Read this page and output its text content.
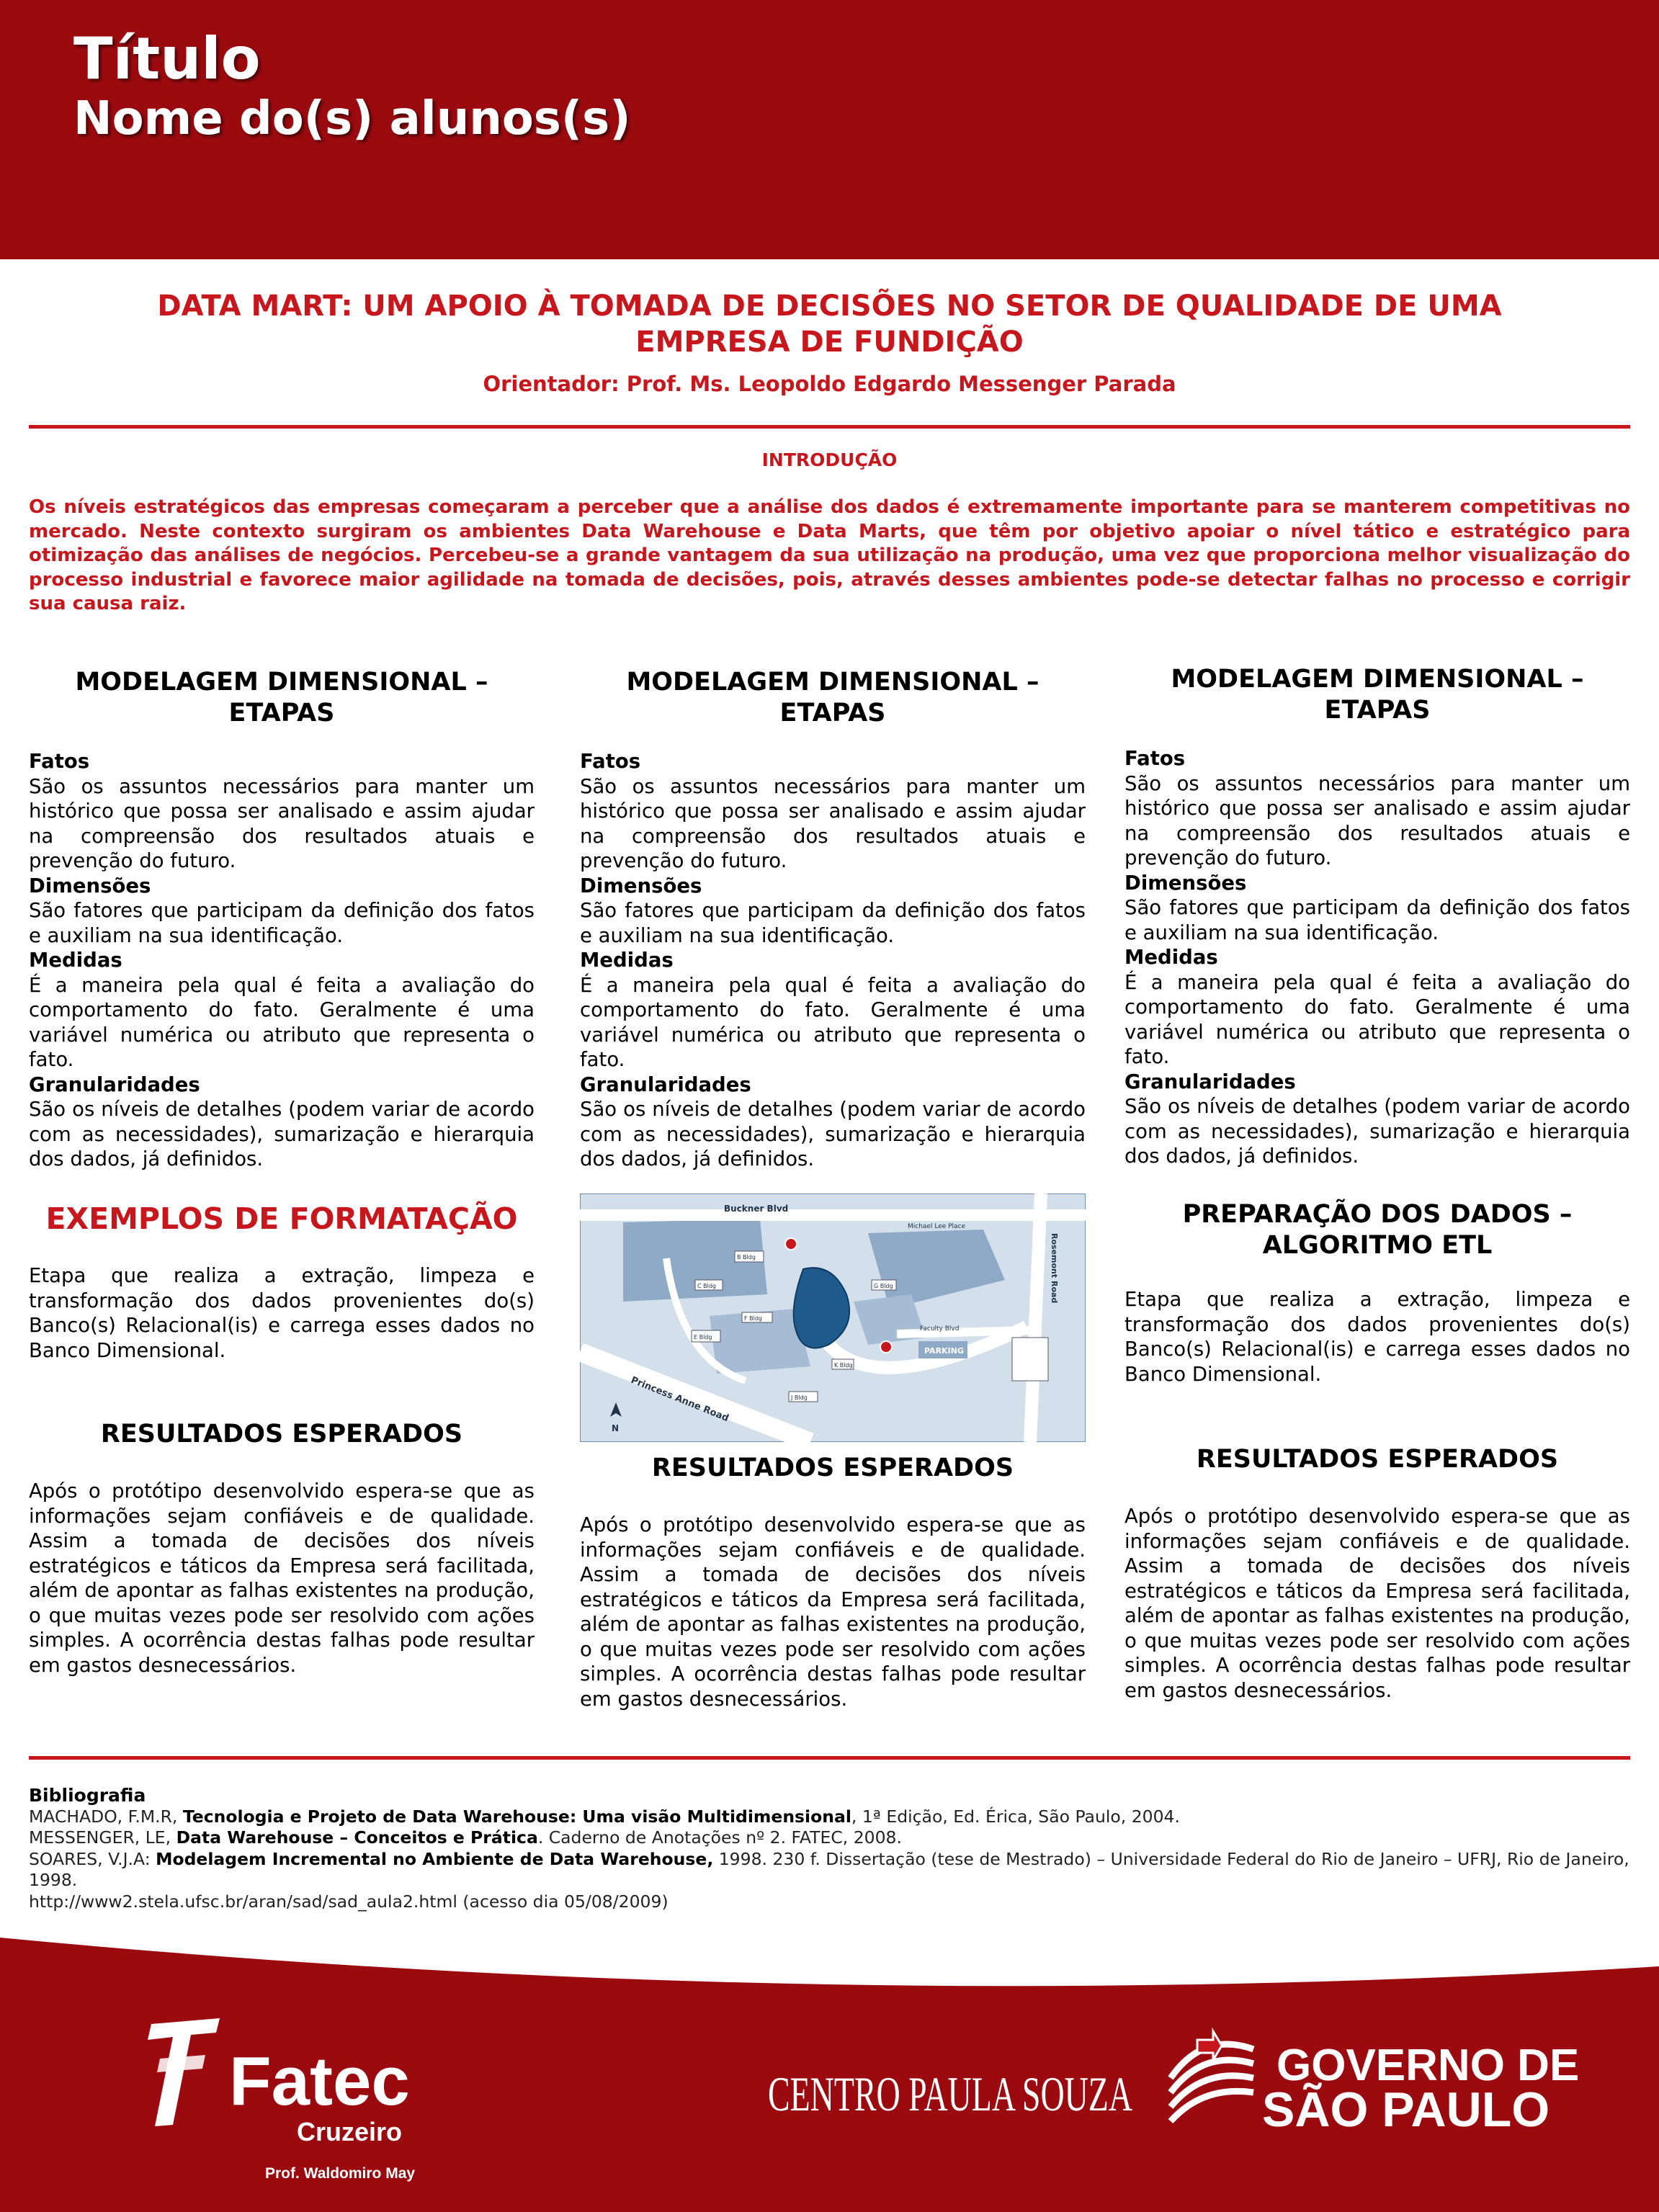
Título
Nome do(s) alunos(s)
DATA MART: UM APOIO À TOMADA DE DECISÕES NO SETOR DE QUALIDADE DE UMA EMPRESA DE FUNDIÇÃO
Orientador: Prof. Ms. Leopoldo Edgardo Messenger Parada
INTRODUÇÃO
Os níveis estratégicos das empresas começaram a perceber que a análise dos dados é extremamente importante para se manterem competitivas no mercado. Neste contexto surgiram os ambientes Data Warehouse e Data Marts, que têm por objetivo apoiar o nível tático e estratégico para otimização das análises de negócios. Percebeu-se a grande vantagem da sua utilização na produção, uma vez que proporciona melhor visualização do processo industrial e favorece maior agilidade na tomada de decisões, pois, através desses ambientes pode-se detectar falhas no processo e corrigir sua causa raiz.
MODELAGEM DIMENSIONAL – ETAPAS
Fatos
São os assuntos necessários para manter um histórico que possa ser analisado e assim ajudar na compreensão dos resultados atuais e prevenção do futuro.
Dimensões
São fatores que participam da definição dos fatos e auxiliam na sua identificação.
Medidas
É a maneira pela qual é feita a avaliação do comportamento do fato. Geralmente é uma variável numérica ou atributo que representa o fato.
Granularidades
São os níveis de detalhes (podem variar de acordo com as necessidades), sumarização e hierarquia dos dados, já definidos.
EXEMPLOS DE FORMATAÇÃO
Etapa que realiza a extração, limpeza e transformação dos dados provenientes do(s) Banco(s) Relacional(is) e carrega esses dados no Banco Dimensional.
RESULTADOS ESPERADOS
Após o protótipo desenvolvido espera-se que as informações sejam confiáveis e de qualidade. Assim a tomada de decisões dos níveis estratégicos e táticos da Empresa será facilitada, além de apontar as falhas existentes na produção, o que muitas vezes pode ser resolvido com ações simples. A ocorrência destas falhas pode resultar em gastos desnecessários.
MODELAGEM DIMENSIONAL – ETAPAS
Fatos
São os assuntos necessários para manter um histórico que possa ser analisado e assim ajudar na compreensão dos resultados atuais e prevenção do futuro.
Dimensões
São fatores que participam da definição dos fatos e auxiliam na sua identificação.
Medidas
É a maneira pela qual é feita a avaliação do comportamento do fato. Geralmente é uma variável numérica ou atributo que representa o fato.
Granularidades
São os níveis de detalhes (podem variar de acordo com as necessidades), sumarização e hierarquia dos dados, já definidos.
Buckner Blvd
Rosemont Road
Princess Anne Road
Faculty Blvd
Michael Lee Place
PARKING
B Bldg
C Bldg
E Bldg
F Bldg
G Bldg
K Bldg
J Bldg
N
RESULTADOS ESPERADOS
Após o protótipo desenvolvido espera-se que as informações sejam confiáveis e de qualidade. Assim a tomada de decisões dos níveis estratégicos e táticos da Empresa será facilitada, além de apontar as falhas existentes na produção, o que muitas vezes pode ser resolvido com ações simples. A ocorrência destas falhas pode resultar em gastos desnecessários.
MODELAGEM DIMENSIONAL – ETAPAS
Fatos
São os assuntos necessários para manter um histórico que possa ser analisado e assim ajudar na compreensão dos resultados atuais e prevenção do futuro.
Dimensões
São fatores que participam da definição dos fatos e auxiliam na sua identificação.
Medidas
É a maneira pela qual é feita a avaliação do comportamento do fato. Geralmente é uma variável numérica ou atributo que representa o fato.
Granularidades
São os níveis de detalhes (podem variar de acordo com as necessidades), sumarização e hierarquia dos dados, já definidos.
PREPARAÇÃO DOS DADOS – ALGORITMO ETL
Etapa que realiza a extração, limpeza e transformação dos dados provenientes do(s) Banco(s) Relacional(is) e carrega esses dados no Banco Dimensional.
RESULTADOS ESPERADOS
Após o protótipo desenvolvido espera-se que as informações sejam confiáveis e de qualidade. Assim a tomada de decisões dos níveis estratégicos e táticos da Empresa será facilitada, além de apontar as falhas existentes na produção, o que muitas vezes pode ser resolvido com ações simples. A ocorrência destas falhas pode resultar em gastos desnecessários.
Bibliografia
MACHADO, F.M.R, Tecnologia e Projeto de Data Warehouse: Uma visão Multidimensional, 1ª Edição, Ed. Érica, São Paulo, 2004.
MESSENGER, LE, Data Warehouse – Conceitos e Prática. Caderno de Anotações nº 2. FATEC, 2008.
SOARES, V.J.A: Modelagem Incremental no Ambiente de Data Warehouse, 1998. 230 f. Dissertação (tese de Mestrado) – Universidade Federal do Rio de Janeiro – UFRJ, Rio de Janeiro, 1998.
http://www2.stela.ufsc.br/aran/sad/sad_aula2.html (acesso dia 05/08/2009)
Fatec
Cruzeiro
Prof. Waldomiro May
CENTRO PAULA SOUZA
GOVERNO DE
SÃO PAULO
